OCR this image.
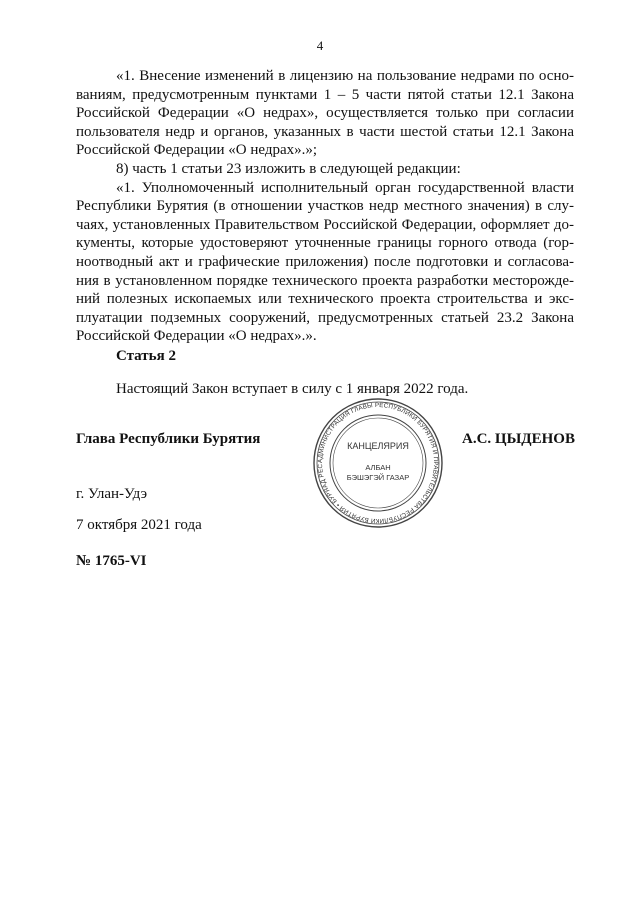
4
«1. Внесение изменений в лицензию на пользование недрами по осно-
ваниям, предусмотренным пунктами 1 – 5 части пятой статьи 12.1 Закона
Российской Федерации «О недрах», осуществляется только при согласии
пользователя недр и органов, указанных в части шестой статьи 12.1 Закона
Российской Федерации «О недрах».»;
8) часть 1 статьи 23 изложить в следующей редакции:
«1. Уполномоченный исполнительный орган государственной власти
Республики Бурятия (в отношении участков недр местного значения) в слу-
чаях, установленных Правительством Российской Федерации, оформляет до-
кументы, которые удостоверяют уточненные границы горного отвода (гор-
ноотводный акт и графические приложения) после подготовки и согласова-
ния в установленном порядке технического проекта разработки месторожде-
ний полезных ископаемых или технического проекта строительства и экс-
плуатации подземных сооружений, предусмотренных статьей 23.2 Закона
Российской Федерации «О недрах».».
Статья 2
Настоящий Закон вступает в силу с 1 января 2022 года.
Глава Республики Бурятия	А.С. ЦЫДЕНОВ
АДМИНИСТРАЦИЯ ГЛАВЫ РЕСПУБЛИКИ БУРЯТИЯ И ПРАВИТЕЛЬСТВА РЕСПУБЛИКИ БУРЯТИЯ • БУРЯАД РЕС
КАНЦЕЛЯРИЯ
АЛБАН
БЭШЭГЭЙ ГАЗАР
г. Улан-Удэ
7 октября 2021 года
№ 1765-VI
